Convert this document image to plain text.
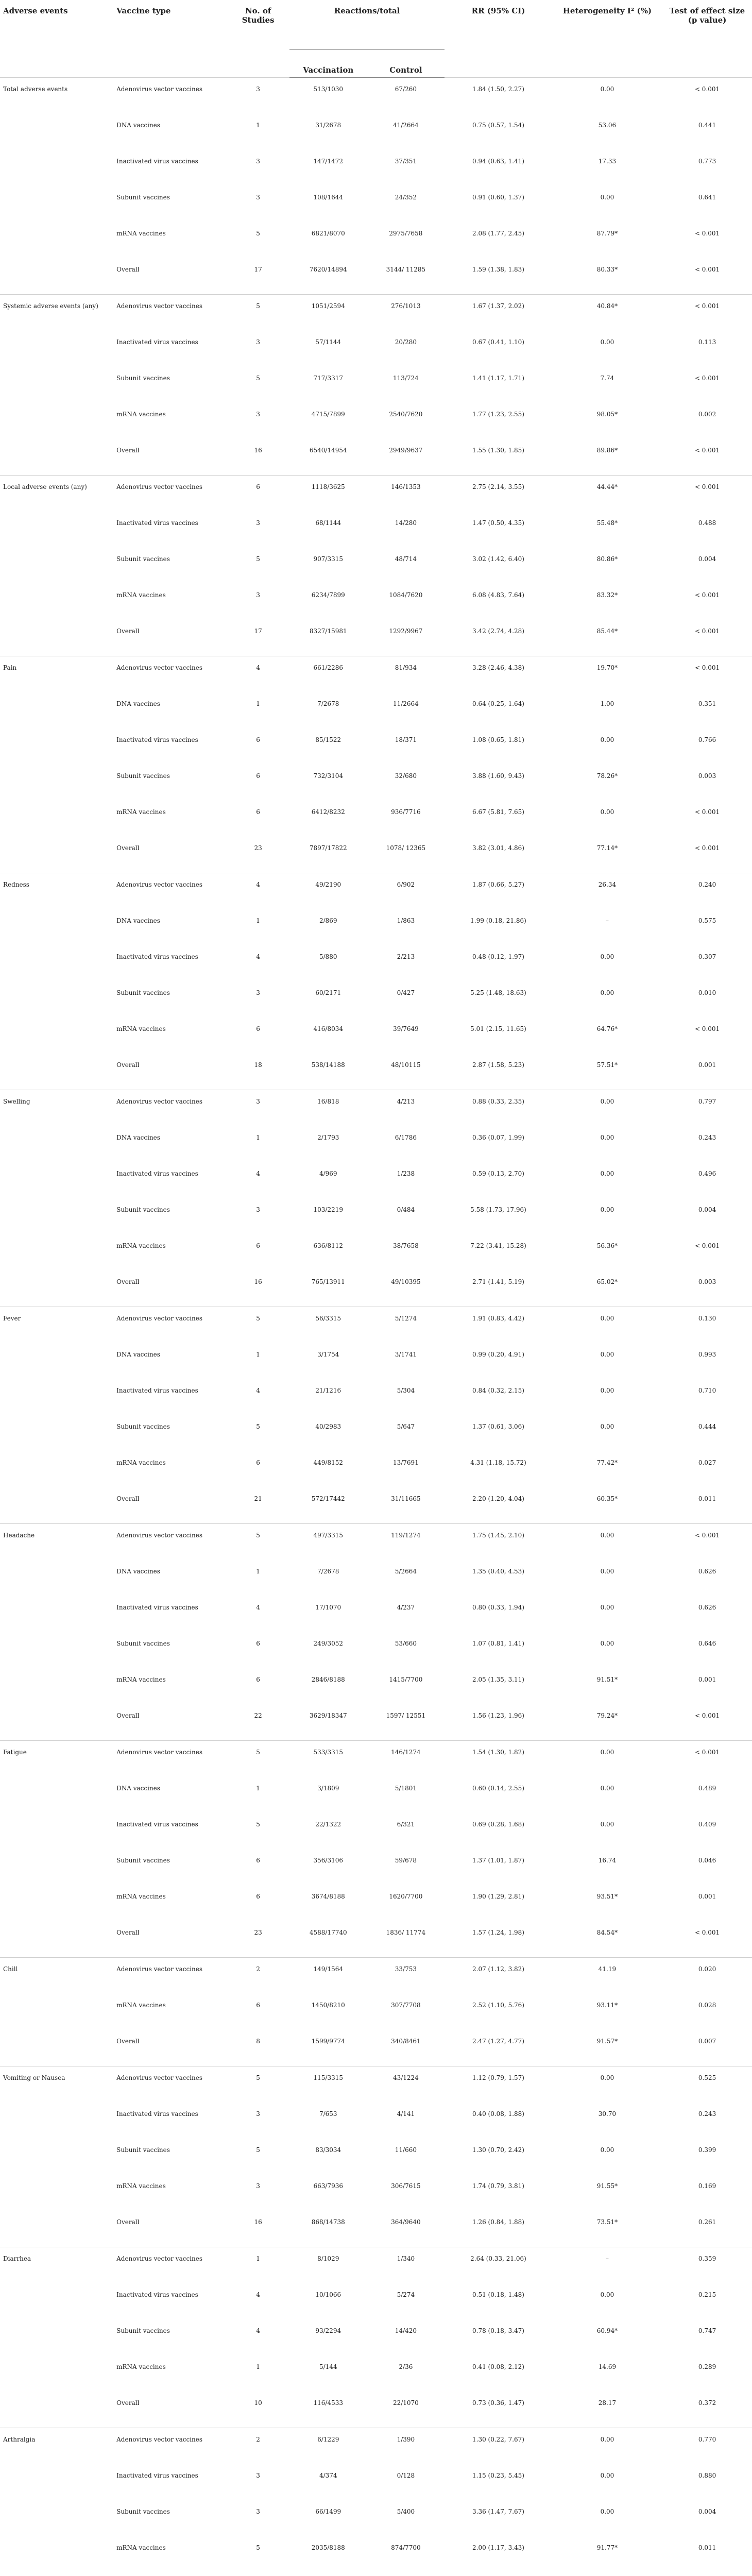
Adverse events	Vaccine type	No. of Studies	Reactions/total		RR (95% CI)	Heterogeneity I² (%)	Test of effect size (p value)
			Vaccination	Control			
Total adverse events	Adenovirus vector vaccines	3	513/1030	67/260	1.84 (1.50, 2.27)	0.00	< 0.001
	DNA vaccines	1	31/2678	41/2664	0.75 (0.57, 1.54)	53.06	0.441
	Inactivated virus vaccines	3	147/1472	37/351	0.94 (0.63, 1.41)	17.33	0.773
	Subunit vaccines	3	108/1644	24/352	0.91 (0.60, 1.37)	0.00	0.641
	mRNA vaccines	5	6821/8070	2975/7658	2.08 (1.77, 2.45)	87.79*	< 0.001
	Overall	17	7620/14894	3144/ 11285	1.59 (1.38, 1.83)	80.33*	< 0.001
Systemic adverse events (any)	Adenovirus vector vaccines	5	1051/2594	276/1013	1.67 (1.37, 2.02)	40.84*	< 0.001
	Inactivated virus vaccines	3	57/1144	20/280	0.67 (0.41, 1.10)	0.00	0.113
	Subunit vaccines	5	717/3317	113/724	1.41 (1.17, 1.71)	7.74	< 0.001
	mRNA vaccines	3	4715/7899	2540/7620	1.77 (1.23, 2.55)	98.05*	0.002
	Overall	16	6540/14954	2949/9637	1.55 (1.30, 1.85)	89.86*	< 0.001
Local adverse events (any)	Adenovirus vector vaccines	6	1118/3625	146/1353	2.75 (2.14, 3.55)	44.44*	< 0.001
	Inactivated virus vaccines	3	68/1144	14/280	1.47 (0.50, 4.35)	55.48*	0.488
	Subunit vaccines	5	907/3315	48/714	3.02 (1.42, 6.40)	80.86*	0.004
	mRNA vaccines	3	6234/7899	1084/7620	6.08 (4.83, 7.64)	83.32*	< 0.001
	Overall	17	8327/15981	1292/9967	3.42 (2.74, 4.28)	85.44*	< 0.001
Pain	Adenovirus vector vaccines	4	661/2286	81/934	3.28 (2.46, 4.38)	19.70*	< 0.001
	DNA vaccines	1	7/2678	11/2664	0.64 (0.25, 1.64)	1.00	0.351
	Inactivated virus vaccines	6	85/1522	18/371	1.08 (0.65, 1.81)	0.00	0.766
	Subunit vaccines	6	732/3104	32/680	3.88 (1.60, 9.43)	78.26*	0.003
	mRNA vaccines	6	6412/8232	936/7716	6.67 (5.81, 7.65)	0.00	< 0.001
	Overall	23	7897/17822	1078/ 12365	3.82 (3.01, 4.86)	77.14*	< 0.001
Redness	Adenovirus vector vaccines	4	49/2190	6/902	1.87 (0.66, 5.27)	26.34	0.240
	DNA vaccines	1	2/869	1/863	1.99 (0.18, 21.86)	–	0.575
	Inactivated virus vaccines	4	5/880	2/213	0.48 (0.12, 1.97)	0.00	0.307
	Subunit vaccines	3	60/2171	0/427	5.25 (1.48, 18.63)	0.00	0.010
	mRNA vaccines	6	416/8034	39/7649	5.01 (2.15, 11.65)	64.76*	< 0.001
	Overall	18	538/14188	48/10115	2.87 (1.58, 5.23)	57.51*	0.001
Swelling	Adenovirus vector vaccines	3	16/818	4/213	0.88 (0.33, 2.35)	0.00	0.797
	DNA vaccines	1	2/1793	6/1786	0.36 (0.07, 1.99)	0.00	0.243
	Inactivated virus vaccines	4	4/969	1/238	0.59 (0.13, 2.70)	0.00	0.496
	Subunit vaccines	3	103/2219	0/484	5.58 (1.73, 17.96)	0.00	0.004
	mRNA vaccines	6	636/8112	38/7658	7.22 (3.41, 15.28)	56.36*	< 0.001
	Overall	16	765/13911	49/10395	2.71 (1.41, 5.19)	65.02*	0.003
Fever	Adenovirus vector vaccines	5	56/3315	5/1274	1.91 (0.83, 4.42)	0.00	0.130
	DNA vaccines	1	3/1754	3/1741	0.99 (0.20, 4.91)	0.00	0.993
	Inactivated virus vaccines	4	21/1216	5/304	0.84 (0.32, 2.15)	0.00	0.710
	Subunit vaccines	5	40/2983	5/647	1.37 (0.61, 3.06)	0.00	0.444
	mRNA vaccines	6	449/8152	13/7691	4.31 (1.18, 15.72)	77.42*	0.027
	Overall	21	572/17442	31/11665	2.20 (1.20, 4.04)	60.35*	0.011
Headache	Adenovirus vector vaccines	5	497/3315	119/1274	1.75 (1.45, 2.10)	0.00	< 0.001
	DNA vaccines	1	7/2678	5/2664	1.35 (0.40, 4.53)	0.00	0.626
	Inactivated virus vaccines	4	17/1070	4/237	0.80 (0.33, 1.94)	0.00	0.626
	Subunit vaccines	6	249/3052	53/660	1.07 (0.81, 1.41)	0.00	0.646
	mRNA vaccines	6	2846/8188	1415/7700	2.05 (1.35, 3.11)	91.51*	0.001
	Overall	22	3629/18347	1597/ 12551	1.56 (1.23, 1.96)	79.24*	< 0.001
Fatigue	Adenovirus vector vaccines	5	533/3315	146/1274	1.54 (1.30, 1.82)	0.00	< 0.001
	DNA vaccines	1	3/1809	5/1801	0.60 (0.14, 2.55)	0.00	0.489
	Inactivated virus vaccines	5	22/1322	6/321	0.69 (0.28, 1.68)	0.00	0.409
	Subunit vaccines	6	356/3106	59/678	1.37 (1.01, 1.87)	16.74	0.046
	mRNA vaccines	6	3674/8188	1620/7700	1.90 (1.29, 2.81)	93.51*	0.001
	Overall	23	4588/17740	1836/ 11774	1.57 (1.24, 1.98)	84.54*	< 0.001
Chill	Adenovirus vector vaccines	2	149/1564	33/753	2.07 (1.12, 3.82)	41.19	0.020
	mRNA vaccines	6	1450/8210	307/7708	2.52 (1.10, 5.76)	93.11*	0.028
	Overall	8	1599/9774	340/8461	2.47 (1.27, 4.77)	91.57*	0.007
Vomiting or Nausea	Adenovirus vector vaccines	5	115/3315	43/1224	1.12 (0.79, 1.57)	0.00	0.525
	Inactivated virus vaccines	3	7/653	4/141	0.40 (0.08, 1.88)	30.70	0.243
	Subunit vaccines	5	83/3034	11/660	1.30 (0.70, 2.42)	0.00	0.399
	mRNA vaccines	3	663/7936	306/7615	1.74 (0.79, 3.81)	91.55*	0.169
	Overall	16	868/14738	364/9640	1.26 (0.84, 1.88)	73.51*	0.261
Diarrhea	Adenovirus vector vaccines	1	8/1029	1/340	2.64 (0.33, 21.06)	–	0.359
	Inactivated virus vaccines	4	10/1066	5/274	0.51 (0.18, 1.48)	0.00	0.215
	Subunit vaccines	4	93/2294	14/420	0.78 (0.18, 3.47)	60.94*	0.747
	mRNA vaccines	1	5/144	2/36	0.41 (0.08, 2.12)	14.69	0.289
	Overall	10	116/4533	22/1070	0.73 (0.36, 1.47)	28.17	0.372
Arthralgia	Adenovirus vector vaccines	2	6/1229	1/390	1.30 (0.22, 7.67)	0.00	0.770
	Inactivated virus vaccines	3	4/374	0/128	1.15 (0.23, 5.45)	0.00	0.880
	Subunit vaccines	3	66/1499	5/400	3.36 (1.47, 7.67)	0.00	0.004
	mRNA vaccines	5	2035/8188	874/7700	2.00 (1.17, 3.43)	91.77*	0.011
